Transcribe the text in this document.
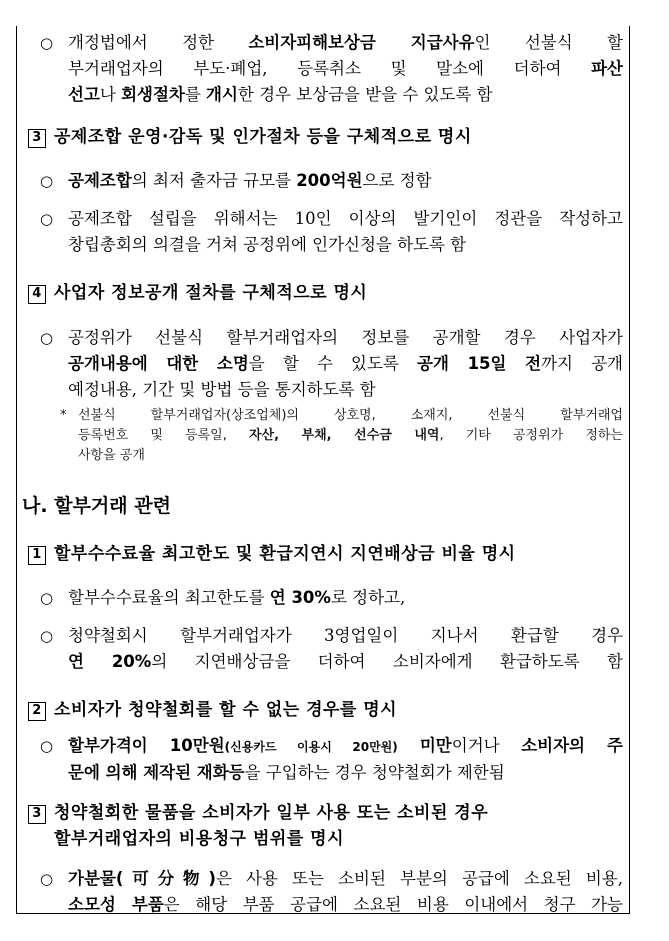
○ 개정법에서 정한 소비자피해보상금 지급사유인 선불식 할
부거래업자의 부도·폐업, 등록취소 및 말소에 더하여 파산
선고나 회생절차를 개시한 경우 보상금을 받을 수 있도록 함
3 공제조합 운영·감독 및 인가절차 등을 구체적으로 명시
○ 공제조합의 최저 출자금 규모를 200억원으로 정함
○ 공제조합 설립을 위해서는 10인 이상의 발기인이 정관을 작성하고
창립총회의 의결을 거쳐 공정위에 인가신청을 하도록 함
4 사업자 정보공개 절차를 구체적으로 명시
○ 공정위가 선불식 할부거래업자의 정보를 공개할 경우 사업자가
공개내용에 대한 소명을 할 수 있도록 공개 15일 전까지 공개
예정내용, 기간 및 방법 등을 통지하도록 함
* 선불식 할부거래업자(상조업체)의 상호명, 소재지, 선불식 할부거래업
등록번호 및 등록일, 자산, 부채, 선수금 내역, 기타 공정위가 정하는
사항을 공개
나. 할부거래 관련
1 할부수수료율 최고한도 및 환급지연시 지연배상금 비율 명시
○ 할부수수료율의 최고한도를 연 30%로 정하고,
○ 청약철회시 할부거래업자가 3영업일이 지나서 환급할 경우
연 20%의 지연배상금을 더하여 소비자에게 환급하도록 함
2 소비자가 청약철회를 할 수 없는 경우를 명시
○ 할부가격이 10만원(신용카드 이용시 20만원) 미만이거나 소비자의 주
문에 의해 제작된 재화등을 구입하는 경우 청약철회가 제한됨
3 청약철회한 물품을 소비자가 일부 사용 또는 소비된 경우
할부거래업자의 비용청구 범위를 명시
○ 가분물(可分物)은 사용 또는 소비된 부분의 공급에 소요된 비용,
소모성 부품은 해당 부품 공급에 소요된 비용 이내에서 청구 가능
